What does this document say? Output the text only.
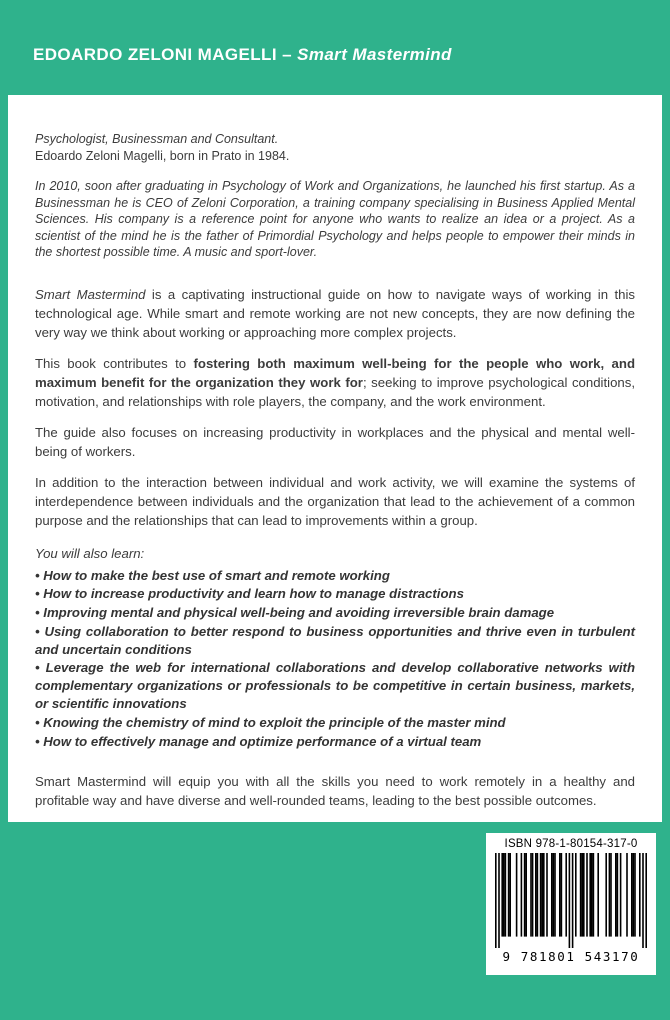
EDOARDO ZELONI MAGELLI – Smart Mastermind

Psychologist, Businessman and Consultant.
Edoardo Zeloni Magelli, born in Prato in 1984.

In 2010, soon after graduating in Psychology of Work and Organizations, he launched his first startup. As a Businessman he is CEO of Zeloni Corporation, a training company specialising in Business Applied Mental Sciences. His company is a reference point for anyone who wants to realize an idea or a project. As a scientist of the mind he is the father of Primordial Psychology and helps people to empower their minds in the shortest possible time. A music and sport-lover.

Smart Mastermind is a captivating instructional guide on how to navigate ways of working in this technological age. While smart and remote working are not new concepts, they are now defining the very way we think about working or approaching more complex projects.

This book contributes to fostering both maximum well-being for the people who work, and maximum benefit for the organization they work for; seeking to improve psychological conditions, motivation, and relationships with role players, the company, and the work environment.

The guide also focuses on increasing productivity in workplaces and the physical and mental well-being of workers.

In addition to the interaction between individual and work activity, we will examine the systems of interdependence between individuals and the organization that lead to the achievement of a common purpose and the relationships that can lead to improvements within a group.

You will also learn:

• How to make the best use of smart and remote working
• How to increase productivity and learn how to manage distractions
• Improving mental and physical well-being and avoiding irreversible brain damage
• Using collaboration to better respond to business opportunities and thrive even in turbulent and uncertain conditions
• Leverage the web for international collaborations and develop collaborative networks with complementary organizations or professionals to be competitive in certain business, markets, or scientific innovations
• Knowing the chemistry of mind to exploit the principle of the master mind
• How to effectively manage and optimize performance of a virtual team

Smart Mastermind will equip you with all the skills you need to work remotely in a healthy and profitable way and have diverse and well-rounded teams, leading to the best possible outcomes.

ISBN 978-1-80154-317-0
9 781801 543170
